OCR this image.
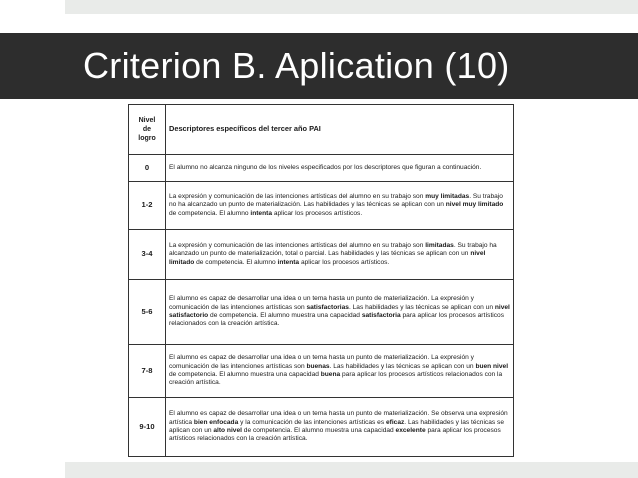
Criterion B. Aplication (10)
Nivel
de
logro	Descriptores específicos del tercer año PAI
0	El alumno no alcanza ninguno de los niveles especificados por los descriptores que figuran a continuación.
1-2	La expresión y comunicación de las intenciones artísticas del alumno en su trabajo son muy limitadas. Su trabajo no ha alcanzado un punto de materialización. Las habilidades y las técnicas se aplican con un nivel muy limitado de competencia. El alumno intenta aplicar los procesos artísticos.
3-4	La expresión y comunicación de las intenciones artísticas del alumno en su trabajo son limitadas. Su trabajo ha alcanzado un punto de materialización, total o parcial. Las habilidades y las técnicas se aplican con un nivel limitado de competencia. El alumno intenta aplicar los procesos artísticos.
5-6	El alumno es capaz de desarrollar una idea o un tema hasta un punto de materialización. La expresión y comunicación de las intenciones artísticas son satisfactorias. Las habilidades y las técnicas se aplican con un nivel satisfactorio de competencia. El alumno muestra una capacidad satisfactoria para aplicar los procesos artísticos relacionados con la creación artística.
7-8	El alumno es capaz de desarrollar una idea o un tema hasta un punto de materialización. La expresión y comunicación de las intenciones artísticas son buenas. Las habilidades y las técnicas se aplican con un buen nivel de competencia. El alumno muestra una capacidad buena para aplicar los procesos artísticos relacionados con la creación artística.
9-10	El alumno es capaz de desarrollar una idea o un tema hasta un punto de materialización. Se observa una expresión artística bien enfocada y la comunicación de las intenciones artísticas es eficaz. Las habilidades y las técnicas se aplican con un alto nivel de competencia. El alumno muestra una capacidad excelente para aplicar los procesos artísticos relacionados con la creación artística.
